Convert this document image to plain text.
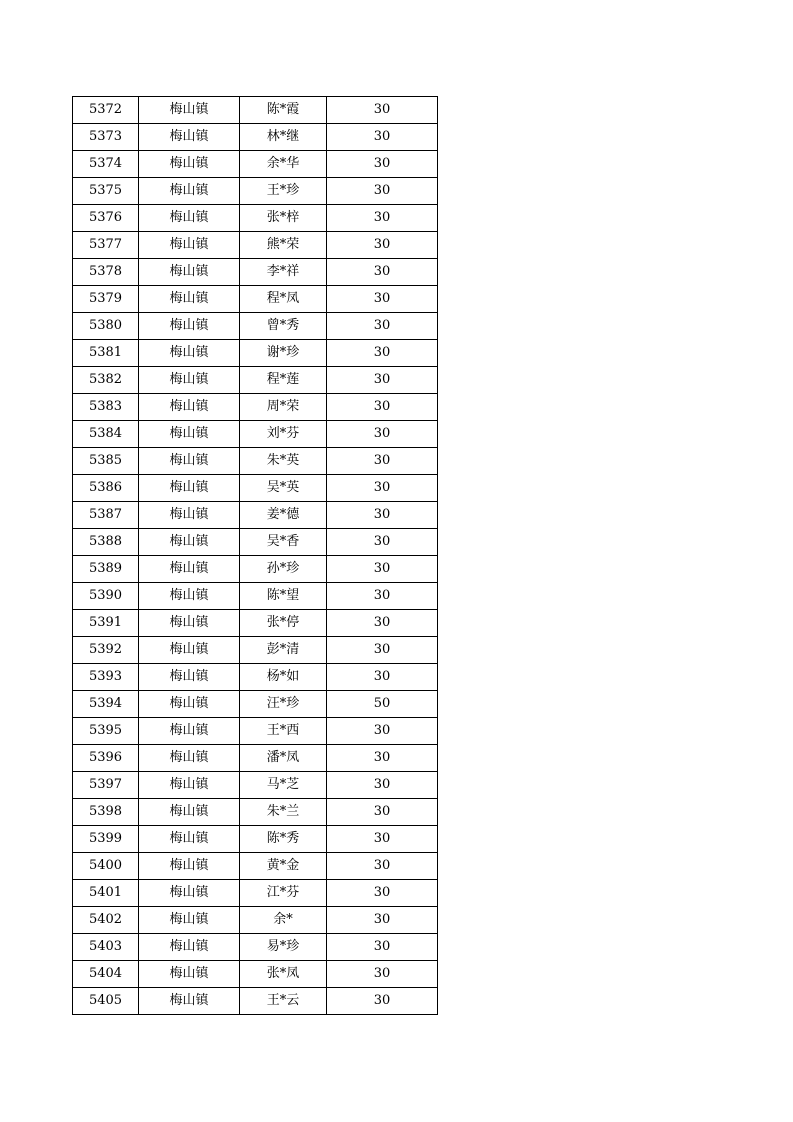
5372	梅山镇	陈*霞	30
5373	梅山镇	林*继	30
5374	梅山镇	余*华	30
5375	梅山镇	王*珍	30
5376	梅山镇	张*梓	30
5377	梅山镇	熊*荣	30
5378	梅山镇	李*祥	30
5379	梅山镇	程*凤	30
5380	梅山镇	曾*秀	30
5381	梅山镇	谢*珍	30
5382	梅山镇	程*莲	30
5383	梅山镇	周*荣	30
5384	梅山镇	刘*芬	30
5385	梅山镇	朱*英	30
5386	梅山镇	吴*英	30
5387	梅山镇	姜*德	30
5388	梅山镇	吴*香	30
5389	梅山镇	孙*珍	30
5390	梅山镇	陈*望	30
5391	梅山镇	张*停	30
5392	梅山镇	彭*清	30
5393	梅山镇	杨*如	30
5394	梅山镇	汪*珍	50
5395	梅山镇	王*西	30
5396	梅山镇	潘*凤	30
5397	梅山镇	马*芝	30
5398	梅山镇	朱*兰	30
5399	梅山镇	陈*秀	30
5400	梅山镇	黄*金	30
5401	梅山镇	江*芬	30
5402	梅山镇	余*	30
5403	梅山镇	易*珍	30
5404	梅山镇	张*凤	30
5405	梅山镇	王*云	30
